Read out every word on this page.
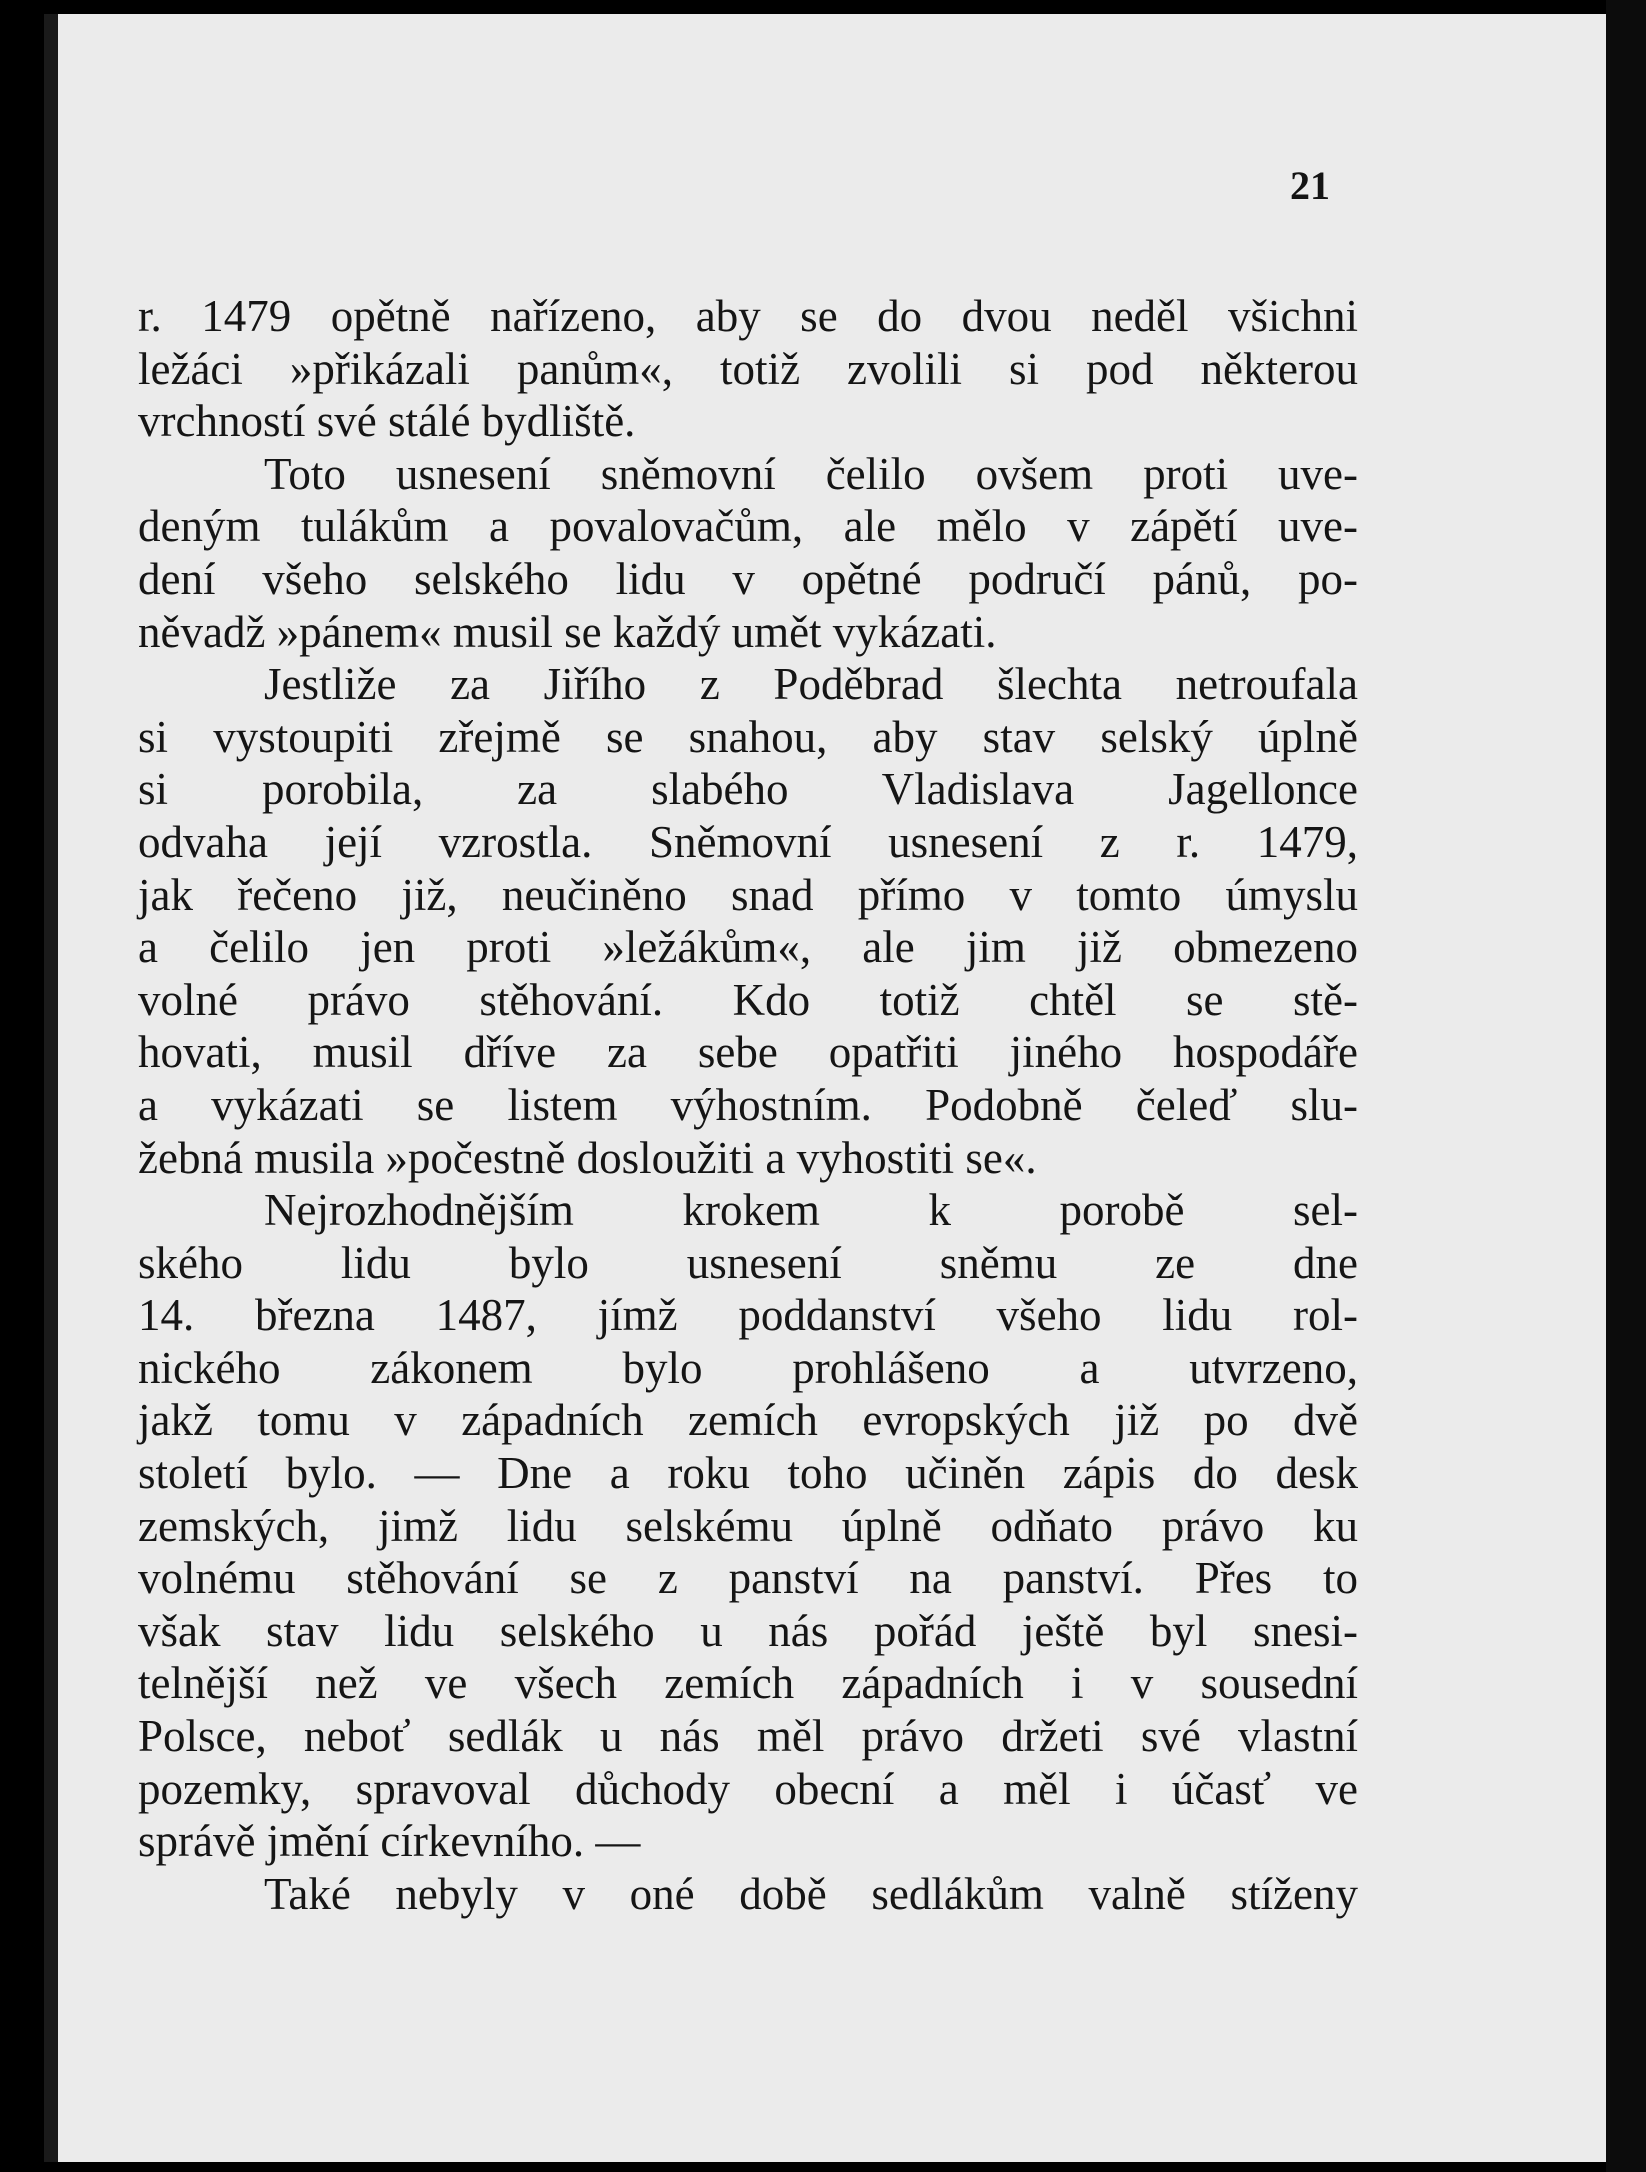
21
r. 1479 opětně nařízeno, aby se do dvou neděl všichni
ležáci »přikázali panům«, totiž zvolili si pod některou
vrchností své stálé bydliště.
Toto usnesení sněmovní čelilo ovšem proti uve-
deným tulákům a povalovačům, ale mělo v zápětí uve-
dení všeho selského lidu v opětné područí pánů, po-
něvadž »pánem« musil se každý umět vykázati.
Jestliže za Jiřího z Poděbrad šlechta netroufala
si vystoupiti zřejmě se snahou, aby stav selský úplně
si porobila, za slabého Vladislava Jagellonce
odvaha její vzrostla. Sněmovní usnesení z r. 1479,
jak řečeno již, neučiněno snad přímo v tomto úmyslu
a čelilo jen proti »ležákům«, ale jim již obmezeno
volné právo stěhování. Kdo totiž chtěl se stě-
hovati, musil dříve za sebe opatřiti jiného hospodáře
a vykázati se listem výhostním. Podobně čeleď slu-
žebná musila »počestně dosloužiti a vyhostiti se«.
Nejrozhodnějším krokem k porobě sel-
ského lidu bylo usnesení sněmu ze dne
14. března 1487, jímž poddanství všeho lidu rol-
nického zákonem bylo prohlášeno a utvrzeno,
jakž tomu v západních zemích evropských již po dvě
století bylo. — Dne a roku toho učiněn zápis do desk
zemských, jimž lidu selskému úplně odňato právo ku
volnému stěhování se z panství na panství. Přes to
však stav lidu selského u nás pořád ještě byl snesi-
telnější než ve všech zemích západních i v sousední
Polsce, neboť sedlák u nás měl právo držeti své vlastní
pozemky, spravoval důchody obecní a měl i účasť ve
správě jmění církevního. —
Také nebyly v oné době sedlákům valně stíženy
